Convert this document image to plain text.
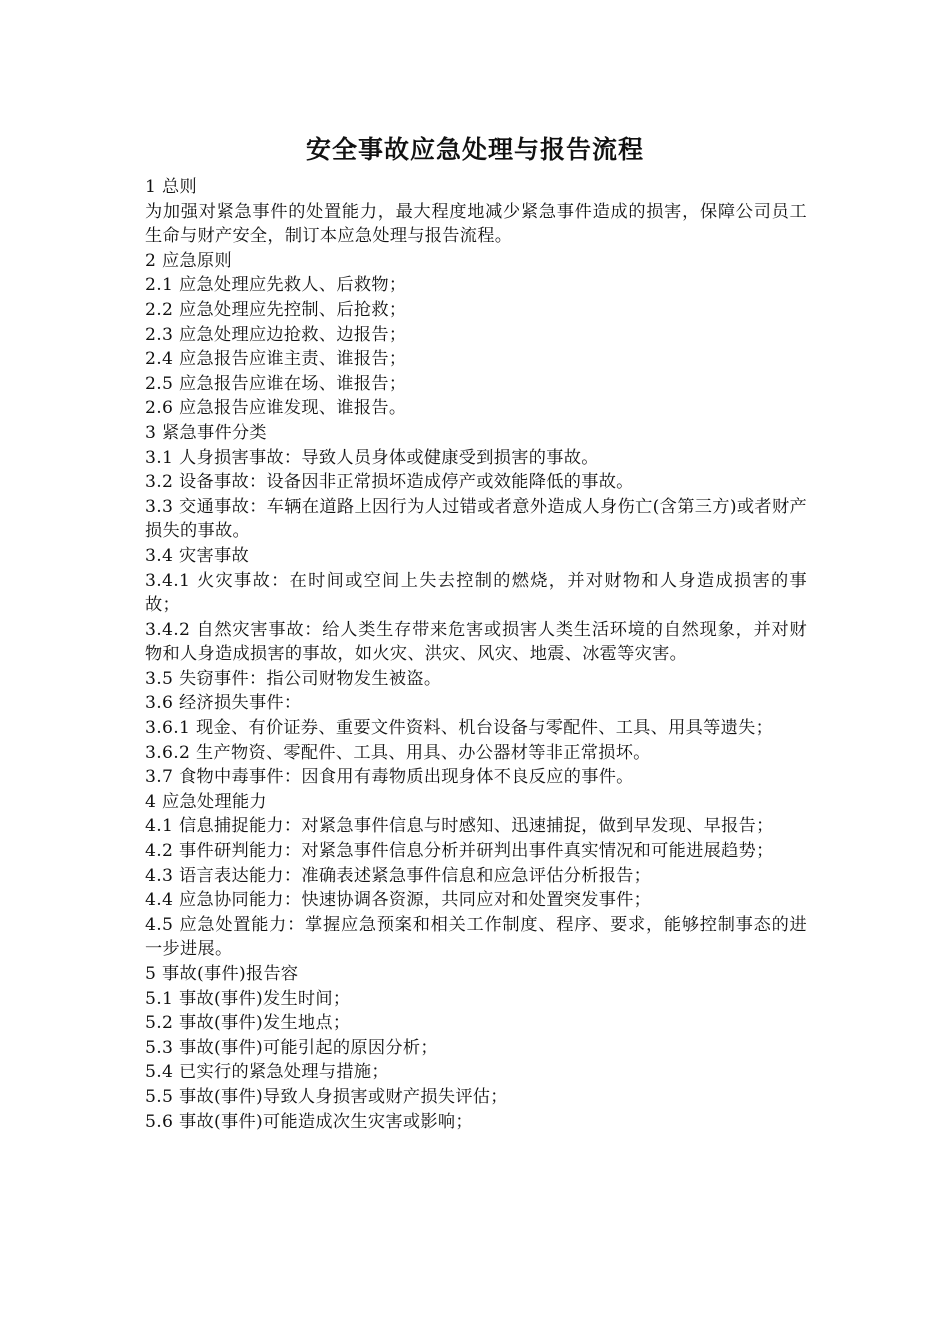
安全事故应急处理与报告流程

1 总则

为加强对紧急事件的处置能力，最大程度地减少紧急事件造成的损害，保障公司员工生命与财产安全，制订本应急处理与报告流程。

2 应急原则

2.1 应急处理应先救人、后救物；

2.2 应急处理应先控制、后抢救；

2.3 应急处理应边抢救、边报告；

2.4 应急报告应谁主责、谁报告；

2.5 应急报告应谁在场、谁报告；

2.6 应急报告应谁发现、谁报告。

3 紧急事件分类

3.1 人身损害事故：导致人员身体或健康受到损害的事故。

3.2 设备事故：设备因非正常损坏造成停产或效能降低的事故。

3.3 交通事故：车辆在道路上因行为人过错或者意外造成人身伤亡(含第三方)或者财产损失的事故。

3.4 灾害事故

3.4.1 火灾事故：在时间或空间上失去控制的燃烧，并对财物和人身造成损害的事故；

3.4.2 自然灾害事故：给人类生存带来危害或损害人类生活环境的自然现象，并对财物和人身造成损害的事故，如火灾、洪灾、风灾、地震、冰雹等灾害。

3.5 失窃事件：指公司财物发生被盗。

3.6 经济损失事件：

3.6.1 现金、有价证券、重要文件资料、机台设备与零配件、工具、用具等遗失；

3.6.2 生产物资、零配件、工具、用具、办公器材等非正常损坏。

3.7 食物中毒事件：因食用有毒物质出现身体不良反应的事件。

4 应急处理能力

4.1 信息捕捉能力：对紧急事件信息与时感知、迅速捕捉，做到早发现、早报告；

4.2 事件研判能力：对紧急事件信息分析并研判出事件真实情况和可能进展趋势；

4.3 语言表达能力：准确表述紧急事件信息和应急评估分析报告；

4.4 应急协同能力：快速协调各资源，共同应对和处置突发事件；

4.5 应急处置能力：掌握应急预案和相关工作制度、程序、要求，能够控制事态的进一步进展。

5 事故(事件)报告容

5.1 事故(事件)发生时间；

5.2 事故(事件)发生地点；

5.3 事故(事件)可能引起的原因分析；

5.4 已实行的紧急处理与措施；

5.5 事故(事件)导致人身损害或财产损失评估；

5.6 事故(事件)可能造成次生灾害或影响；
